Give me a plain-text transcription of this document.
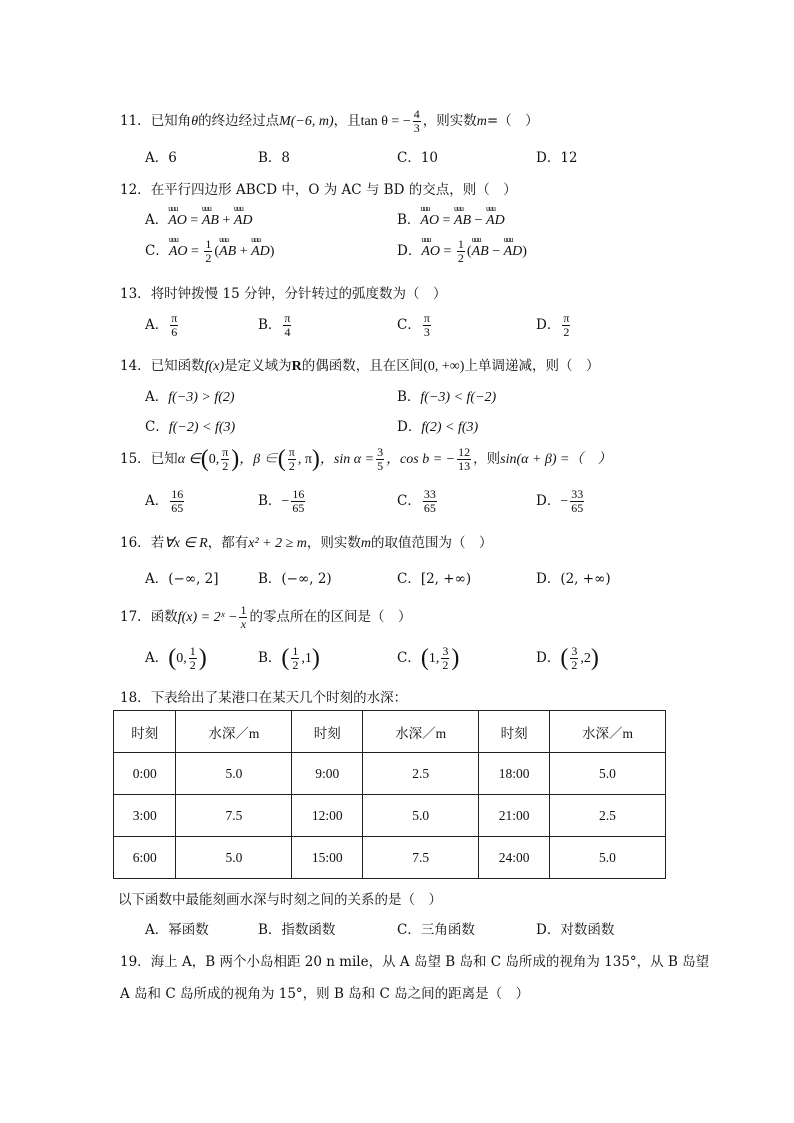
11．已知角θ的终边经过点M(−6, m)，且tan θ = − $\frac{4}{3}$ ，则实数m=（　）
A．6	B．8	C．10	D．12
12．在平行四边形 ABCD 中，O 为 AC 与 BD 的交点，则（　）
A．uuu AO = uuu AB + uuu AD	B．uuu AO = uuu AB − uuu AD
C．uuu AO = $\frac{1}{2} (uuu$ AB + uuu AD)	D．uuu AO = $\frac{1}{2} (uuu$ AB − uuu AD)
13．将时钟拨慢 15 分钟，分针转过的弧度数为（　）
A． $\frac{\pi}{6}$	B． $\frac{\pi}{4}$	C． $\frac{\pi}{3}$	D． $\frac{\pi}{2}$
14．已知函数f(x)是定义域为R的偶函数，且在区间(0, +∞)上单调递减，则（　）
A．f(−3) > f(2)	B．f(−3) < f(−2)
C．f(−2) < f(3)	D．f(2) < f(3)
15．已知α ∈(0, $\frac{\pi}{2}$ )，β ∈( $\frac{\pi}{2}$ , π)，$\sin \alpha = \frac{3}{5}$ ，cos b = − $\frac{12}{13}$ ，则sin(α + β) =（　）
A． $\frac{16}{65}$	B．− $\frac{16}{65}$	C． $\frac{33}{65}$	D．− $\frac{33}{65}$
16．若∀x ∈ R，都有x² + 2 ≥ m，则实数m的取值范围为（　）
A．(−∞, 2]	B．(−∞, 2)	C．[2, +∞)	D．(2, +∞)
17．函数f(x) = 2ˣ − $\frac{1}{x}$ 的零点所在的区间是（　）
A．(0, $\frac{1}{2}$ )	B．( $\frac{1}{2} ,1$)	C．(1, $\frac{3}{2}$ )	D．( $\frac{3}{2} ,2$)
18．下表给出了某港口在某天几个时刻的水深：
时刻	水深／m	时刻	水深／m	时刻	水深／m
0:00	5.0	9:00	2.5	18:00	5.0
3:00	7.5	12:00	5.0	21:00	2.5
6:00	5.0	15:00	7.5	24:00	5.0
以下函数中最能刻画水深与时刻之间的关系的是（　）
A．幂函数	B．指数函数	C．三角函数	D．对数函数
19．海上 A，B 两个小岛相距 20 n mile，从 A 岛望 B 岛和 C 岛所成的视角为 135°，从 B 岛望
A 岛和 C 岛所成的视角为 15°，则 B 岛和 C 岛之间的距离是（　）
